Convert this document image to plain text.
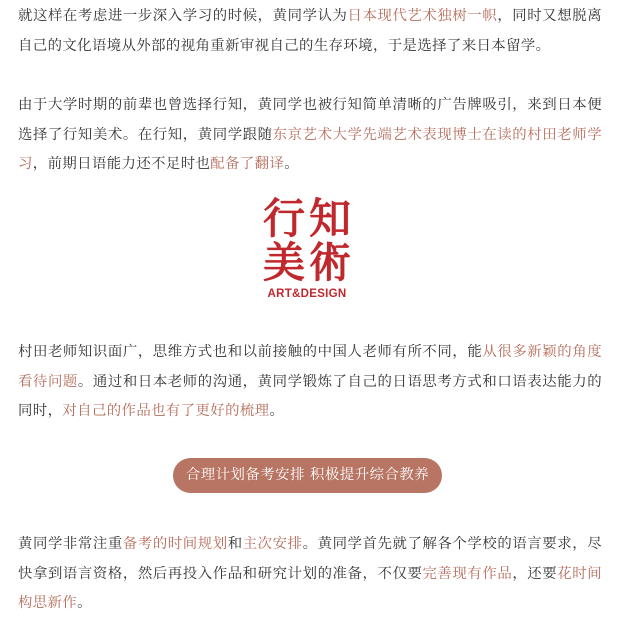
就这样在考虑进一步深入学习的时候，黄同学认为日本现代艺术独树一帜，同时又想脱离自己的文化语境从外部的视角重新审视自己的生存环境，于是选择了来日本留学。

由于大学时期的前辈也曾选择行知，黄同学也被行知简单清晰的广告牌吸引，来到日本便选择了行知美术。在行知，黄同学跟随东京艺术大学先端艺术表现博士在读的村田老师学习，前期日语能力还不足时也配备了翻译。

行 知
美 術
ART&DESIGN

村田老师知识面广，思维方式也和以前接触的中国人老师有所不同，能从很多新颖的角度看待问题。通过和日本老师的沟通，黄同学锻炼了自己的日语思考方式和口语表达能力的同时，对自己的作品也有了更好的梳理。

合理计划备考安排 积极提升综合教养

黄同学非常注重备考的时间规划和主次安排。黄同学首先就了解各个学校的语言要求，尽快拿到语言资格，然后再投入作品和研究计划的准备，不仅要完善现有作品，还要花时间构思新作。
